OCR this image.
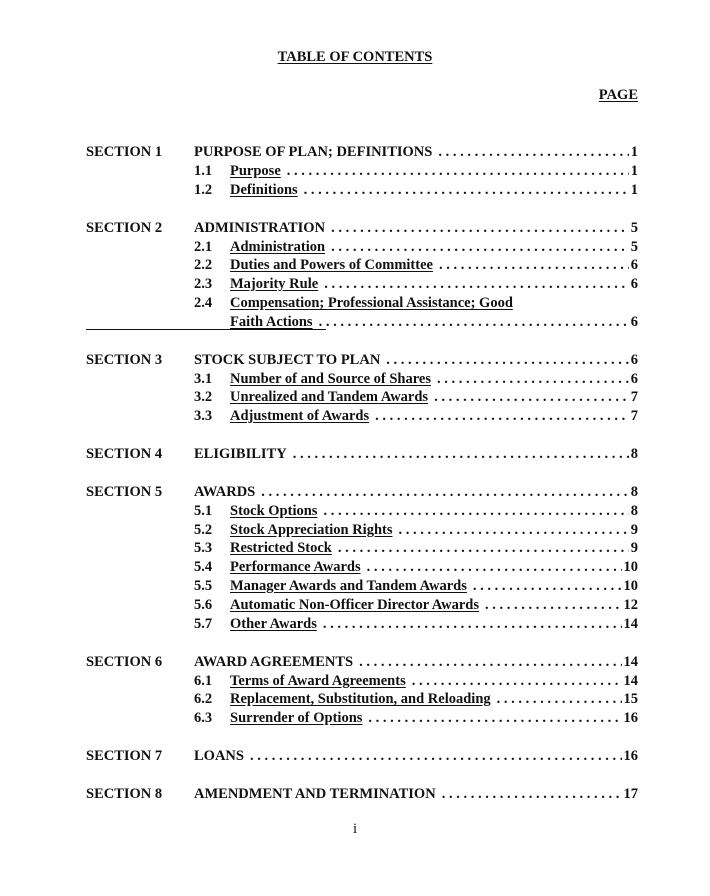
TABLE OF CONTENTS
PAGE
SECTION 1 PURPOSE OF PLAN; DEFINITIONS . . .	1
1.1 Purpose . . .	1
1.2 Definitions . . .	1
SECTION 2 ADMINISTRATION . . .	5
2.1 Administration . . .	5
2.2 Duties and Powers of Committee . . .	6
2.3 Majority Rule . . .	6
2.4 Compensation; Professional Assistance; Good
Faith Actions . . .	6
SECTION 3 STOCK SUBJECT TO PLAN . . .	6
3.1 Number of and Source of Shares . . .	6
3.2 Unrealized and Tandem Awards . . .	7
3.3 Adjustment of Awards . . .	7
SECTION 4 ELIGIBILITY . . .	8
SECTION 5 AWARDS . . .	8
5.1 Stock Options . . .	8
5.2 Stock Appreciation Rights . . .	9
5.3 Restricted Stock . . .	9
5.4 Performance Awards . . .	10
5.5 Manager Awards and Tandem Awards . . .	10
5.6 Automatic Non-Officer Director Awards . . .	12
5.7 Other Awards . . .	14
SECTION 6 AWARD AGREEMENTS . . .	14
6.1 Terms of Award Agreements . . .	14
6.2 Replacement, Substitution, and Reloading . . .	15
6.3 Surrender of Options . . .	16
SECTION 7 LOANS . . .	16
SECTION 8 AMENDMENT AND TERMINATION . . .	17
i
